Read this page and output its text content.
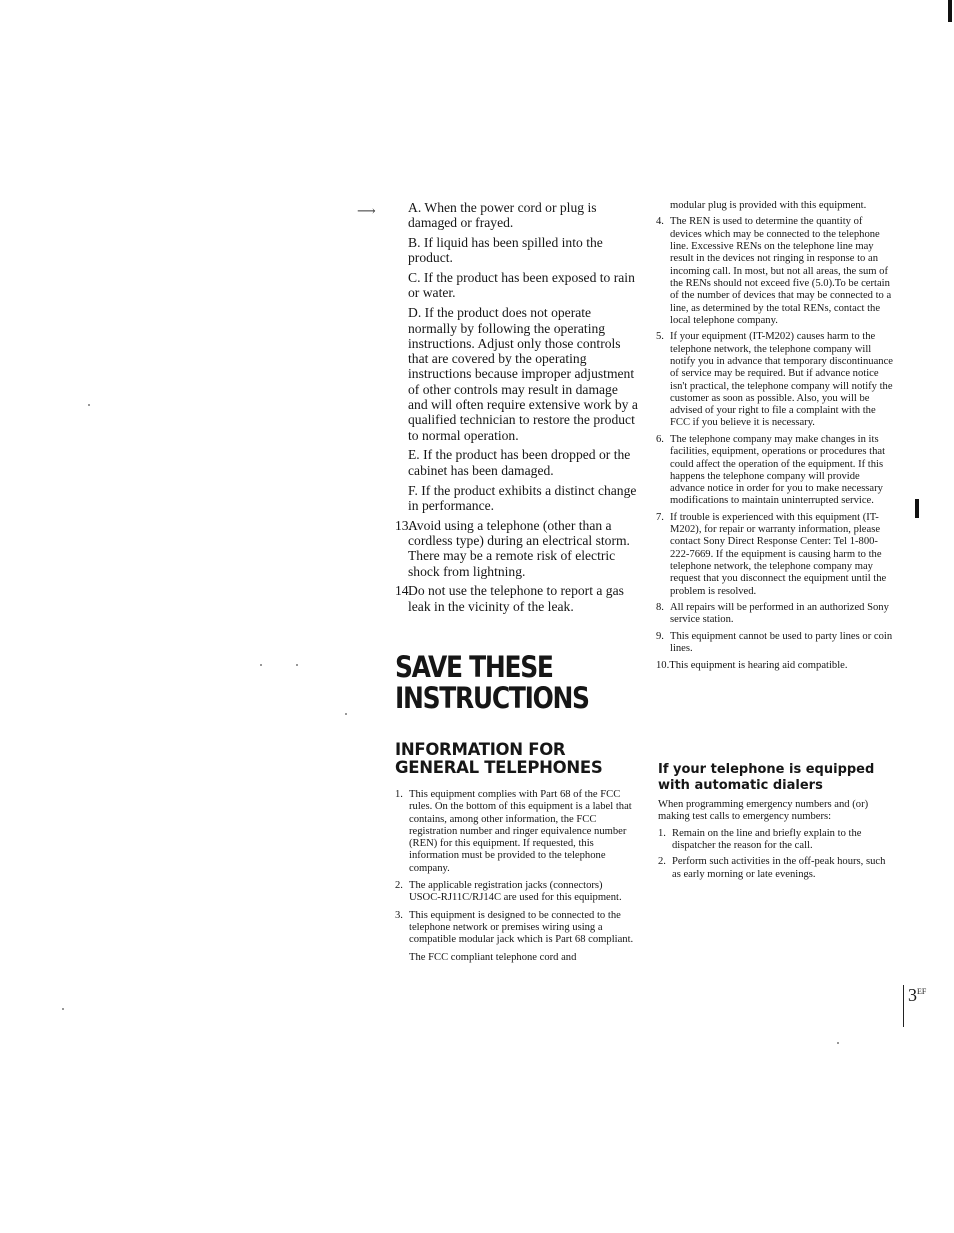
⟶	A. When the power cord or plug is damaged or frayed.
B. If liquid has been spilled into the product.
C. If the product has been exposed to rain or water.
D. If the product does not operate normally by following the operating instructions. Adjust only those controls that are covered by the operating instructions because improper adjustment of other controls may result in damage and will often require extensive work by a qualified technician to restore the product to normal operation.
E. If the product has been dropped or the cabinet has been damaged.
F. If the product exhibits a distinct change in performance.
13.
Avoid using a telephone (other than a cordless type) during an electrical storm. There may be a remote risk of electric shock from lightning.
14.
Do not use the telephone to report a gas leak in the vicinity of the leak.
SAVE THESE
INSTRUCTIONS
INFORMATION FOR
GENERAL TELEPHONES
1. This equipment complies with Part 68 of the FCC rules. On the bottom of this equipment is a label that contains, among other information, the FCC registration number and ringer equivalence number (REN) for this equipment. If requested, this information must be provided to the telephone company.
2. The applicable registration jacks (connectors) USOC-RJ11C/RJ14C are used for this equipment.
3. This equipment is designed to be connected to the telephone network or premises wiring using a compatible modular jack which is Part 68 compliant.
The FCC compliant telephone cord and
modular plug is provided with this equipment.
4. The REN is used to determine the quantity of devices which may be connected to the telephone line. Excessive RENs on the telephone line may result in the devices not ringing in response to an incoming call. In most, but not all areas, the sum of the RENs should not exceed five (5.0).To be certain of the number of devices that may be connected to a line, as determined by the total RENs, contact the local telephone company.
5. If your equipment (IT-M202) causes harm to the telephone network, the telephone company will notify you in advance that temporary discontinuance of service may be required. But if advance notice isn't practical, the telephone company will notify the customer as soon as possible. Also, you will be advised of your right to file a complaint with the FCC if you believe it is necessary.
6. The telephone company may make changes in its facilities, equipment, operations or procedures that could affect the operation of the equipment. If this happens the telephone company will provide advance notice in order for you to make necessary modifications to maintain uninterrupted service.
7. If trouble is experienced with this equipment (IT-M202), for repair or warranty information, please contact Sony Direct Response Center: Tel 1-800-222-7669. If the equipment is causing harm to the telephone network, the telephone company may request that you disconnect the equipment until the problem is resolved.
8. All repairs will be performed in an authorized Sony service station.
9. This equipment cannot be used to party lines or coin lines.
10.This equipment is hearing aid compatible.
If your telephone is equipped
with automatic dialers
When programming emergency numbers and (or) making test calls to emergency numbers:
1. Remain on the line and briefly explain to the dispatcher the reason for the call.
2. Perform such activities in the off-peak hours, such as early morning or late evenings.
$3^{EF}$
